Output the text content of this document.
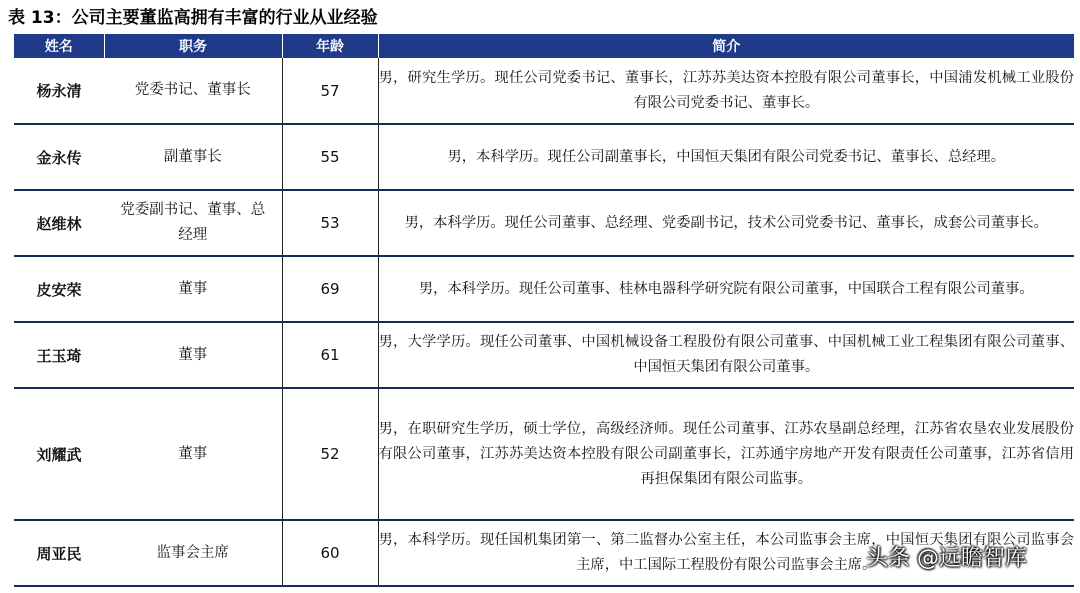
表 13：公司主要董监高拥有丰富的行业从业经验
姓名	职务	年龄	简介
杨永清	党委书记、董事长	57	男，研究生学历。现任公司党委书记、董事长，江苏苏美达资本控股有限公司董事长，中国浦发机械工业股份有限公司党委书记、董事长。
金永传	副董事长	55	男，本科学历。现任公司副董事长，中国恒天集团有限公司党委书记、董事长、总经理。
赵维林	党委副书记、董事、总经理	53	男，本科学历。现任公司董事、总经理、党委副书记，技术公司党委书记、董事长，成套公司董事长。
皮安荣	董事	69	男，本科学历。现任公司董事、桂林电器科学研究院有限公司董事，中国联合工程有限公司董事。
王玉琦	董事	61	男，大学学历。现任公司董事、中国机械设备工程股份有限公司董事、中国机械工业工程集团有限公司董事、中国恒天集团有限公司董事。
刘耀武	董事	52	男，在职研究生学历，硕士学位，高级经济师。现任公司董事、江苏农垦副总经理，江苏省农垦农业发展股份有限公司董事，江苏苏美达资本控股有限公司副董事长，江苏通宇房地产开发有限责任公司董事，江苏省信用再担保集团有限公司监事。
周亚民	监事会主席	60	男，本科学历。现任国机集团第一、第二监督办公室主任，本公司监事会主席，中国恒天集团有限公司监事会主席，中工国际工程股份有限公司监事会主席。
头条 @远瞻智库
